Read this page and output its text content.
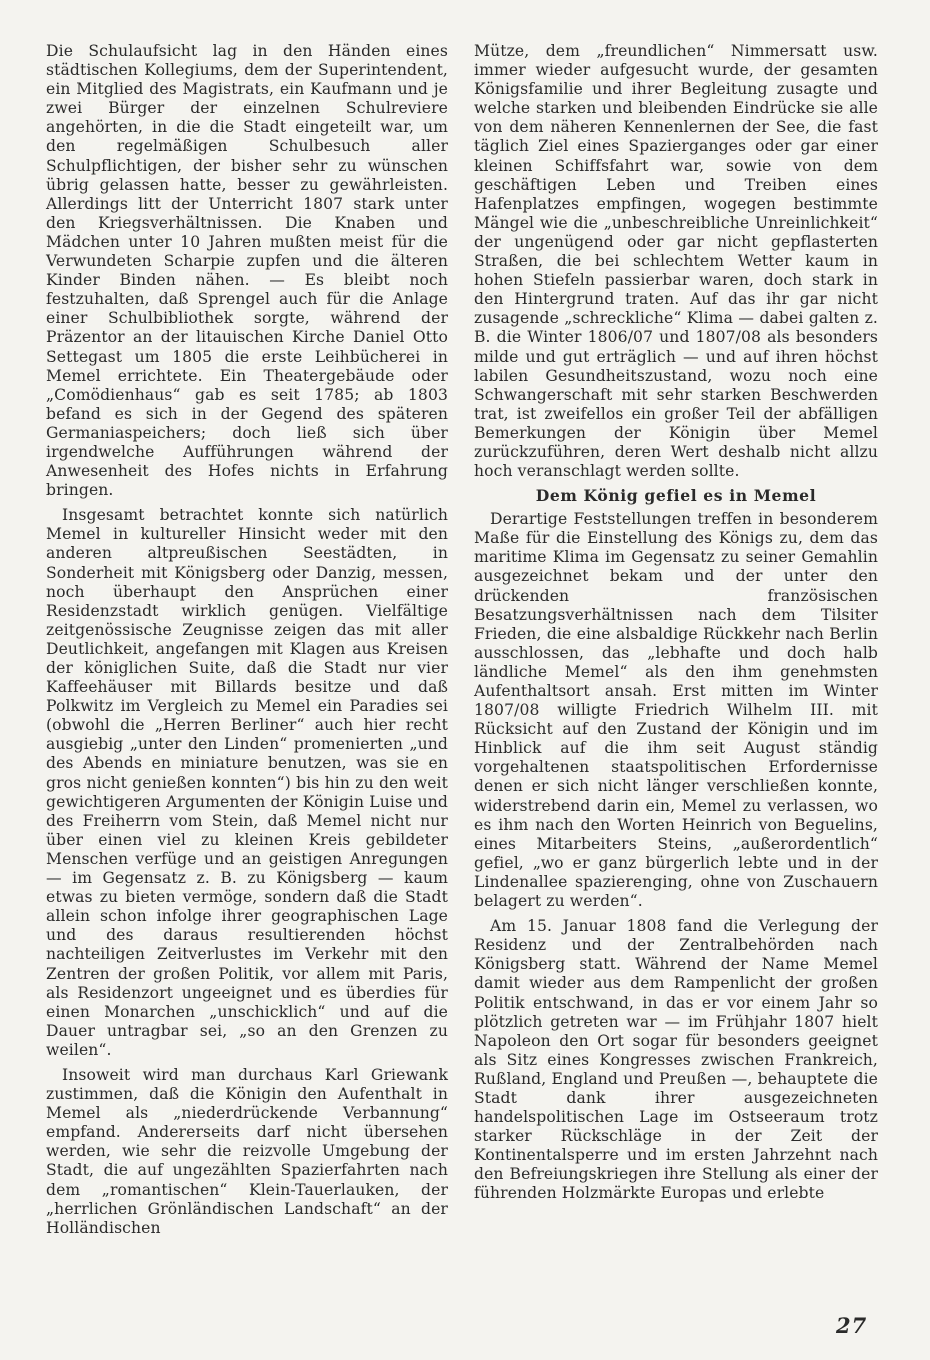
Die Schulaufsicht lag in den Händen eines städtischen Kollegiums, dem der Superintendent, ein Mitglied des Magistrats, ein Kaufmann und je zwei Bürger der einzelnen Schulreviere angehörten, in die die Stadt eingeteilt war, um den regelmäßigen Schulbesuch aller Schulpflichtigen, der bisher sehr zu wünschen übrig gelassen hatte, besser zu gewährleisten. Allerdings litt der Unterricht 1807 stark unter den Kriegsverhältnissen. Die Knaben und Mädchen unter 10 Jahren mußten meist für die Verwundeten Scharpie zupfen und die älteren Kinder Binden nähen. — Es bleibt noch festzuhalten, daß Sprengel auch für die Anlage einer Schulbibliothek sorgte, während der Präzentor an der litauischen Kirche Daniel Otto Settegast um 1805 die erste Leihbücherei in Memel errichtete. Ein Theatergebäude oder „Comödienhaus“ gab es seit 1785; ab 1803 befand es sich in der Gegend des späteren Germaniaspeichers; doch ließ sich über irgendwelche Aufführungen während der Anwesenheit des Hofes nichts in Erfahrung bringen.

Insgesamt betrachtet konnte sich natürlich Memel in kultureller Hinsicht weder mit den anderen altpreußischen Seestädten, in Sonderheit mit Königsberg oder Danzig, messen, noch überhaupt den Ansprüchen einer Residenzstadt wirklich genügen. Vielfältige zeitgenössische Zeugnisse zeigen das mit aller Deutlichkeit, angefangen mit Klagen aus Kreisen der königlichen Suite, daß die Stadt nur vier Kaffeehäuser mit Billards besitze und daß Polkwitz im Vergleich zu Memel ein Paradies sei (obwohl die „Herren Berliner“ auch hier recht ausgiebig „unter den Linden“ promenierten „und des Abends en miniature benutzen, was sie en gros nicht genießen konnten“) bis hin zu den weit gewichtigeren Argumenten der Königin Luise und des Freiherrn vom Stein, daß Memel nicht nur über einen viel zu kleinen Kreis gebildeter Menschen verfüge und an geistigen Anregungen — im Gegensatz z. B. zu Königsberg — kaum etwas zu bieten vermöge, sondern daß die Stadt allein schon infolge ihrer geographischen Lage und des daraus resultierenden höchst nachteiligen Zeitverlustes im Verkehr mit den Zentren der großen Politik, vor allem mit Paris, als Residenzort ungeeignet und es überdies für einen Monarchen „unschicklich“ und auf die Dauer untragbar sei, „so an den Grenzen zu weilen“.

Insoweit wird man durchaus Karl Griewank zustimmen, daß die Königin den Aufenthalt in Memel als „niederdrückende Verbannung“ empfand. Andererseits darf nicht übersehen werden, wie sehr die reizvolle Umgebung der Stadt, die auf ungezählten Spazierfahrten nach dem „romantischen“ Klein-Tauerlauken, der „herrlichen Grönländischen Landschaft“ an der Holländischen

Mütze, dem „freundlichen“ Nimmersatt usw. immer wieder aufgesucht wurde, der gesamten Königsfamilie und ihrer Begleitung zusagte und welche starken und bleibenden Eindrücke sie alle von dem näheren Kennenlernen der See, die fast täglich Ziel eines Spazierganges oder gar einer kleinen Schiffsfahrt war, sowie von dem geschäftigen Leben und Treiben eines Hafenplatzes empfingen, wogegen bestimmte Mängel wie die „unbeschreibliche Unreinlichkeit“ der ungenügend oder gar nicht gepflasterten Straßen, die bei schlechtem Wetter kaum in hohen Stiefeln passierbar waren, doch stark in den Hintergrund traten. Auf das ihr gar nicht zusagende „schreckliche“ Klima — dabei galten z. B. die Winter 1806/07 und 1807/08 als besonders milde und gut erträglich — und auf ihren höchst labilen Gesundheitszustand, wozu noch eine Schwangerschaft mit sehr starken Beschwerden trat, ist zweifellos ein großer Teil der abfälligen Bemerkungen der Königin über Memel zurückzuführen, deren Wert deshalb nicht allzu hoch veranschlagt werden sollte.

Dem König gefiel es in Memel

Derartige Feststellungen treffen in besonderem Maße für die Einstellung des Königs zu, dem das maritime Klima im Gegensatz zu seiner Gemahlin ausgezeichnet bekam und der unter den drückenden französischen Besatzungsverhältnissen nach dem Tilsiter Frieden, die eine alsbaldige Rückkehr nach Berlin ausschlossen, das „lebhafte und doch halb ländliche Memel“ als den ihm genehmsten Aufenthaltsort ansah. Erst mitten im Winter 1807/08 willigte Friedrich Wilhelm III. mit Rücksicht auf den Zustand der Königin und im Hinblick auf die ihm seit August ständig vorgehaltenen staatspolitischen Erfordernisse denen er sich nicht länger verschließen konnte, widerstrebend darin ein, Memel zu verlassen, wo es ihm nach den Worten Heinrich von Beguelins, eines Mitarbeiters Steins, „außerordentlich“ gefiel, „wo er ganz bürgerlich lebte und in der Lindenallee spazierenging, ohne von Zuschauern belagert zu werden“.

Am 15. Januar 1808 fand die Verlegung der Residenz und der Zentralbehörden nach Königsberg statt. Während der Name Memel damit wieder aus dem Rampenlicht der großen Politik entschwand, in das er vor einem Jahr so plötzlich getreten war — im Frühjahr 1807 hielt Napoleon den Ort sogar für besonders geeignet als Sitz eines Kongresses zwischen Frankreich, Rußland, England und Preußen —, behauptete die Stadt dank ihrer ausgezeichneten handelspolitischen Lage im Ostseeraum trotz starker Rückschläge in der Zeit der Kontinentalsperre und im ersten Jahrzehnt nach den Befreiungskriegen ihre Stellung als einer der führenden Holzmärkte Europas und erlebte

27
